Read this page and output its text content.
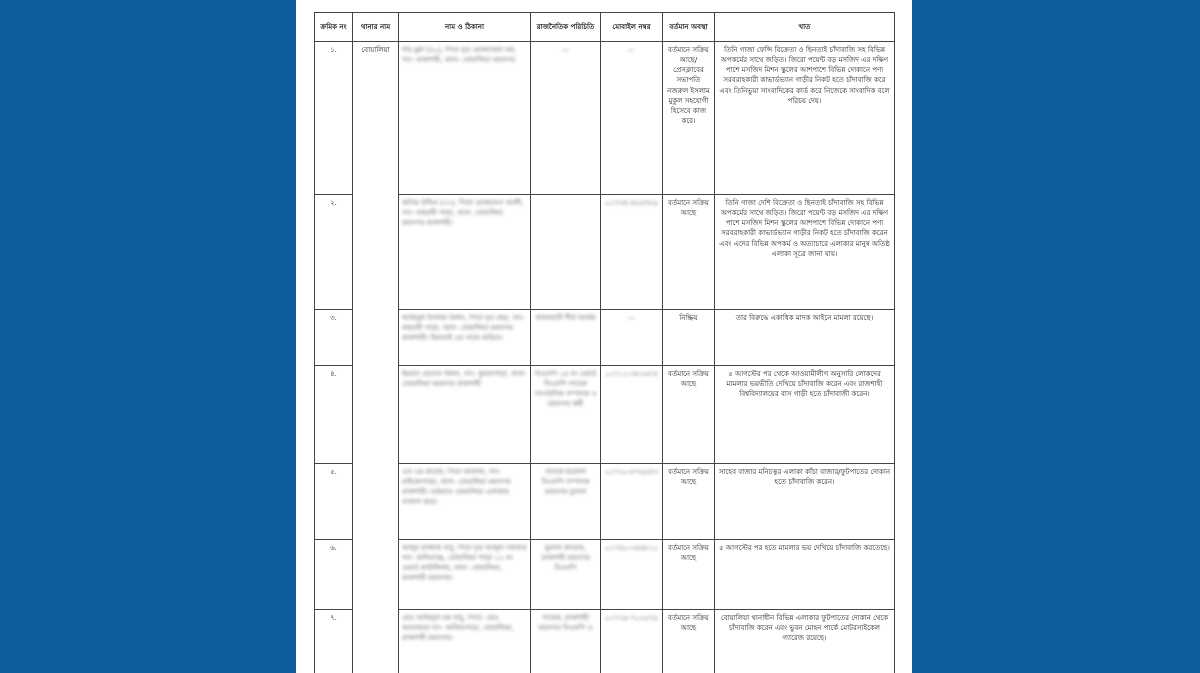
ক্রমিক নং	থানার নাম	নাম ও ঠিকানা	রাজনৈতিক পরিচিতি	মোবাইল নম্বর	বর্তমান অবস্থা	খাত
১.	বোয়ালিয়া	শাহ মুন্না (৪০), পিতা মৃত মোজাম্মেল হক, সাং- রাজশাহী, থানা- বোয়ালিয়া মহানগর	—	—	বর্তমানে সক্রিয় আছে/ প্রেসক্লাবের সভাপতি নজরুল ইসলাম মুকুল সহযোগী হিসেবে কাজ করে।	তিনি গাজা ফেন্সি বিক্রেতা ও ছিনতাই চাঁদাবাজি সহ বিভিন্ন অপকর্মের সাথে জড়িত। জিরো পয়েন্ট বড় মসজিদ এর দক্ষিণ পাশে মসজিদ মিশন স্কুলের আশপাশে বিভিন্ন দোকানে পণ্য সরবরাহকারী কাভার্ডভ্যান গাড়ীর নিকট হতে চাঁদাবাজি করে এবং তিনিভুয়া সাংবাদিকের কার্ড করে নিজেকে সাংবাদিক বলে পরিচয় দেয়।
২.		জসিম উদ্দিন (৩২), পিতা মোকাদ্দেস আলী, সাং- মহুয়ারী পাড়া, থানা- বোয়ালিয়া মহানগর রাজশাহী।		০১৭৩৪-৪৫৬৭৮৯	বর্তমানে সক্রিয় আছে	তিনি গাজা দেশি বিক্রেতা ও ছিনতাই চাঁদাবাজি সহ বিভিন্ন অপকর্মের সাথে জড়িত। জিরো পয়েন্ট বড় মসজিদ এর দক্ষিণ পাশে মসজিদ মিশন স্কুলের আশপাশে বিভিন্ন দোকানে পণ্য সরবরাহকারী কাভার্ডভ্যান গাড়ীর নিকট হতে চাঁদাবাজি করেন এবং এদের বিভিন্ন অপকর্ম ও অত্যাচারে এলাকার মানুষ অতিষ্ঠ এলাকা সূত্রে জানা যায়।
৩.		আমিনুল ইসলাম মিলন, পিতা মৃত রহম, সাং- মহুয়ারী পাড়া, থানা- বোয়ালিয়া মহানগর রাজশাহী। ছিনতাই এর সাথে জড়িত।	জামায়াতী শীর্ষ সমর্থক	—	নিষ্ক্রিয়	তার বিরুদ্ধে একাধিক মাদক আইনে মামলা রয়েছে।
৪.		ইমরান হোসেন মিলন, সাং- কুমারপাড়া, থানা- বোয়ালিয়া মহানগর রাজশাহী	বিএনপি ১৪ নং ওয়ার্ড বিএনপি সাবেক সাংগঠনিক সম্পাদক ও মহানগর কর্মী	০১৭১১-৩৮২৬৭৪	বর্তমানে সক্রিয় আছে	৫ আগস্টের পর থেকে আওয়ামীলীগ অনুসারি লোকদের মামলার ভয়ভীতি দেখিয়ে চাঁদাবাজি করেন এবং রাজশাহী বিশ্ববিদ্যালয়ের বাস গাড়ী হতে চাঁদাবাজী করেন।
৫.		এস এম রুবেল, পিতা জালাল, সাং- মাইক্রোপাড়া, থানা- বোয়ালিয়া মহানগর রাজশাহী। বর্তমানে বোয়ালিয়া এলাকায় বসবাস করে।	সাবেক ছাত্রদল বিএনপি সম্পাদক মহানগর যুবদল	০১৭২০-৮৭৬৫৪৩	বর্তমানে সক্রিয় আছে	সাহেব বাজার মনিচত্বর এলাকা কাঁচা বাজার/ফুটপাতের দোকান হতে চাঁদাবাজি করেন।
৬.		আব্দুর রাজ্জাক বাবু, পিতা মৃত আব্দুল গফফার সাং- কাদিরগঞ্জ, বোয়ালিয়া পাড়া ১২ নং ওয়ার্ড কাউন্সিলর, থানা- বোয়ালিয়া, রাজশাহী মহানগর।	যুবদল ক্যাডার, রাজশাহী মহানগর বিএনপি	০১৭৪০-২৪৬৮১০	বর্তমানে সক্রিয় আছে	৫ আগস্টের পর হতে মামলার ভয় দেখিয়ে চাঁদাবাজি করতেছে।
৭.		মোঃ আমিনুল হক বাবু, পিতা- মোঃ আনোয়ার সাং- কাজিরপাড়া, বোয়ালিয়া, রাজশাহী মহানগর।	সাবেক, রাজশাহী মহানগর বিএনপি ও	০১৭২৯-৭০২৫৭৯	বর্তমানে সক্রিয় আছে	বোয়ালিয়া থানাধীন বিভিন্ন এলাকার ফুটপাতের দোকান থেকে চাঁদাবাজি করেন এবং ভুবন মোহন পার্কে মোটরসাইকেল গ্যারেজ রয়েছে।
